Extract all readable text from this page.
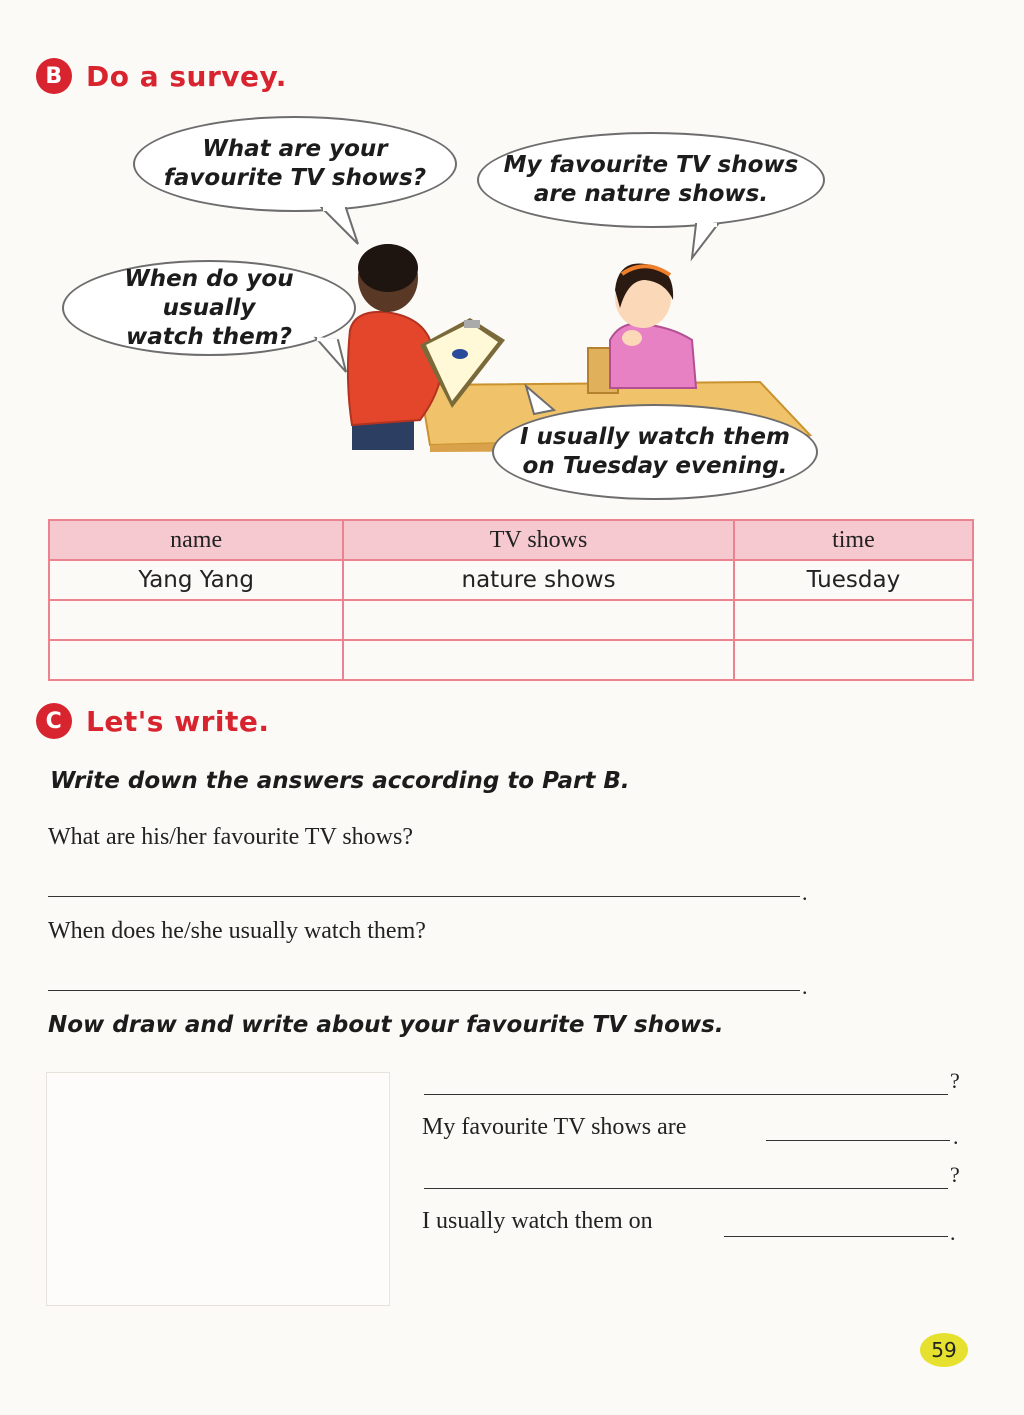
B Do a survey.
What are your
favourite TV shows?	My favourite TV shows
are nature shows.
When do you usually
watch them?
I usually watch them
on Tuesday evening.
name	TV shows	time
Yang Yang	nature shows	Tuesday

C Let's write.
Write down the answers according to Part B.
What are his/her favourite TV shows?
.
When does he/she usually watch them?
.
Now draw and write about your favourite TV shows.
?
My favourite TV shows are	.
?
I usually watch them on	.
59
